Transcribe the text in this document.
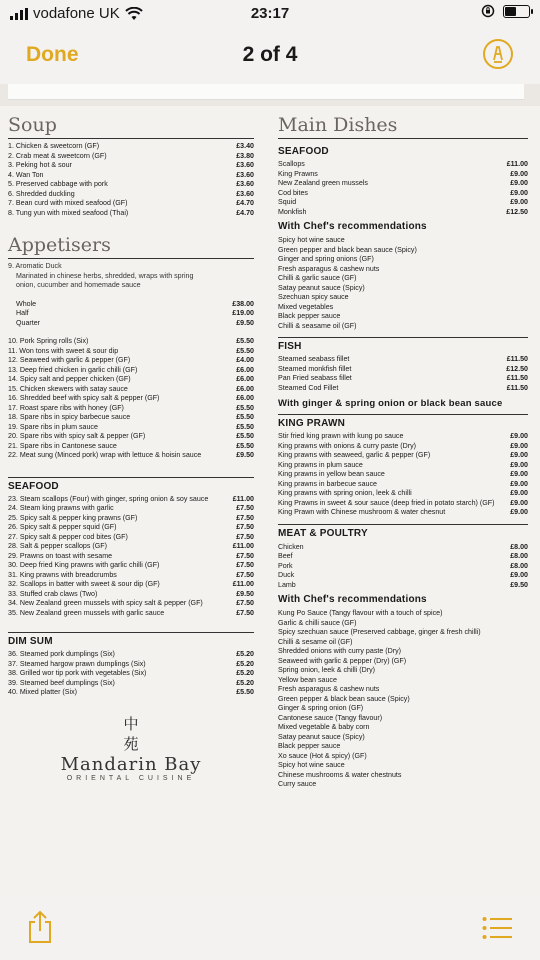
vodafone UK	23:17
Done	2 of 4
Soup
1. Chicken & sweetcorn (GF)	£3.40
2. Crab meat & sweetcorn (GF)	£3.80
3. Peking hot & sour	£3.60
4. Wan Ton	£3.60
5. Preserved cabbage with pork	£3.60
6. Shredded duckling	£3.60
7. Bean curd with mixed seafood (GF)	£4.70
8. Tung yun with mixed seafood (Thai)	£4.70
Appetisers
9. Aromatic Duck
Marinated in chinese herbs, shredded, wraps with spring onion, cucumber and homemade sauce
Whole	£38.00
Half	£19.00
Quarter	£9.50
10. Pork Spring rolls (Six)	£5.50
11. Won tons with sweet & sour dip	£5.50
12. Seaweed with garlic & pepper (GF)	£4.00
13. Deep fried chicken in garlic chilli (GF)	£6.00
14. Spicy salt and pepper chicken (GF)	£6.00
15. Chicken skewers with satay sauce	£6.00
16. Shredded beef with spicy salt & pepper (GF)	£6.00
17. Roast spare ribs with honey (GF)	£5.50
18. Spare ribs in spicy barbecue sauce	£5.50
19. Spare ribs in plum sauce	£5.50
20. Spare ribs with spicy salt & pepper (GF)	£5.50
21. Spare ribs in Cantonese sauce	£5.50
22. Meat sung (Minced pork) wrap with lettuce & hoisin sauce	£9.50
SEAFOOD
23. Steam scallops (Four) with ginger, spring onion & soy sauce	£11.00
24. Steam king prawns with garlic	£7.50
25. Spicy salt & pepper king prawns (GF)	£7.50
26. Spicy salt & pepper squid (GF)	£7.50
27. Spicy salt & pepper cod bites (GF)	£7.50
28. Salt & pepper scallops (GF)	£11.00
29. Prawns on toast with sesame	£7.50
30. Deep fried King prawns with garlic chilli (GF)	£7.50
31. King prawns with breadcrumbs	£7.50
32. Scallops in batter with sweet & sour dip (GF)	£11.00
33. Stuffed crab claws (Two)	£9.50
34. New Zealand green mussels with spicy salt & pepper (GF)	£7.50
35. New Zealand green mussels with garlic sauce	£7.50
DIM SUM
36. Steamed pork dumplings (Six)	£5.20
37. Steamed hargow prawn dumplings (Six)	£5.20
38. Grilled wor tip pork with vegetables (Six)	£5.20
39. Steamed beef dumplings (Six)	£5.20
40. Mixed platter (Six)	£5.50
中
苑
Mandarin Bay
ORIENTAL CUISINE
Main Dishes
SEAFOOD
Scallops	£11.00
King Prawns	£9.00
New Zealand green mussels	£9.00
Cod bites	£9.00
Squid	£9.00
Monkfish	£12.50
With Chef's recommendations
Spicy hot wine sauce
Green pepper and black bean sauce (Spicy)
Ginger and spring onions (GF)
Fresh asparagus & cashew nuts
Chilli & garlic sauce (GF)
Satay peanut sauce (Spicy)
Szechuan spicy sauce
Mixed vegetables
Black pepper sauce
Chilli & seasame oil (GF)
FISH
Steamed seabass fillet	£11.50
Steamed monkfish fillet	£12.50
Pan Fried seabass fillet	£11.50
Steamed Cod Fillet	£11.50
With ginger & spring onion or black bean sauce
KING PRAWN
Stir fried king prawn with kung po sauce	£9.00
King prawns with onions & curry paste (Dry)	£9.00
King prawns with seaweed, garlic & pepper (GF)	£9.00
King prawns in plum sauce	£9.00
King prawns in yellow bean sauce	£9.00
King prawns in barbecue sauce	£9.00
King prawns with spring onion, leek & chilli	£9.00
King Prawns in sweet & sour sauce (deep fried in potato starch) (GF)	£9.00
King Prawn with Chinese mushroom & water chesnut	£9.00
MEAT & POULTRY
Chicken	£8.00
Beef	£8.00
Pork	£8.00
Duck	£9.00
Lamb	£9.50
With Chef's recommendations
Kung Po Sauce (Tangy flavour with a touch of spice)
Garlic & chilli sauce (GF)
Spicy szechuan sauce (Preserved cabbage, ginger & fresh chilli)
Chilli & sesame oil (GF)
Shredded onions with curry paste (Dry)
Seaweed with garlic & pepper (Dry) (GF)
Spring onion, leek & chilli (Dry)
Yellow bean sauce
Fresh asparagus & cashew nuts
Green pepper & black bean sauce (Spicy)
Ginger & spring onion (GF)
Cantonese sauce (Tangy flavour)
Mixed vegetable & baby corn
Satay peanut sauce (Spicy)
Black pepper sauce
Xo sauce (Hot & spicy) (GF)
Spicy hot wine sauce
Chinese mushrooms & water chestnuts
Curry sauce
